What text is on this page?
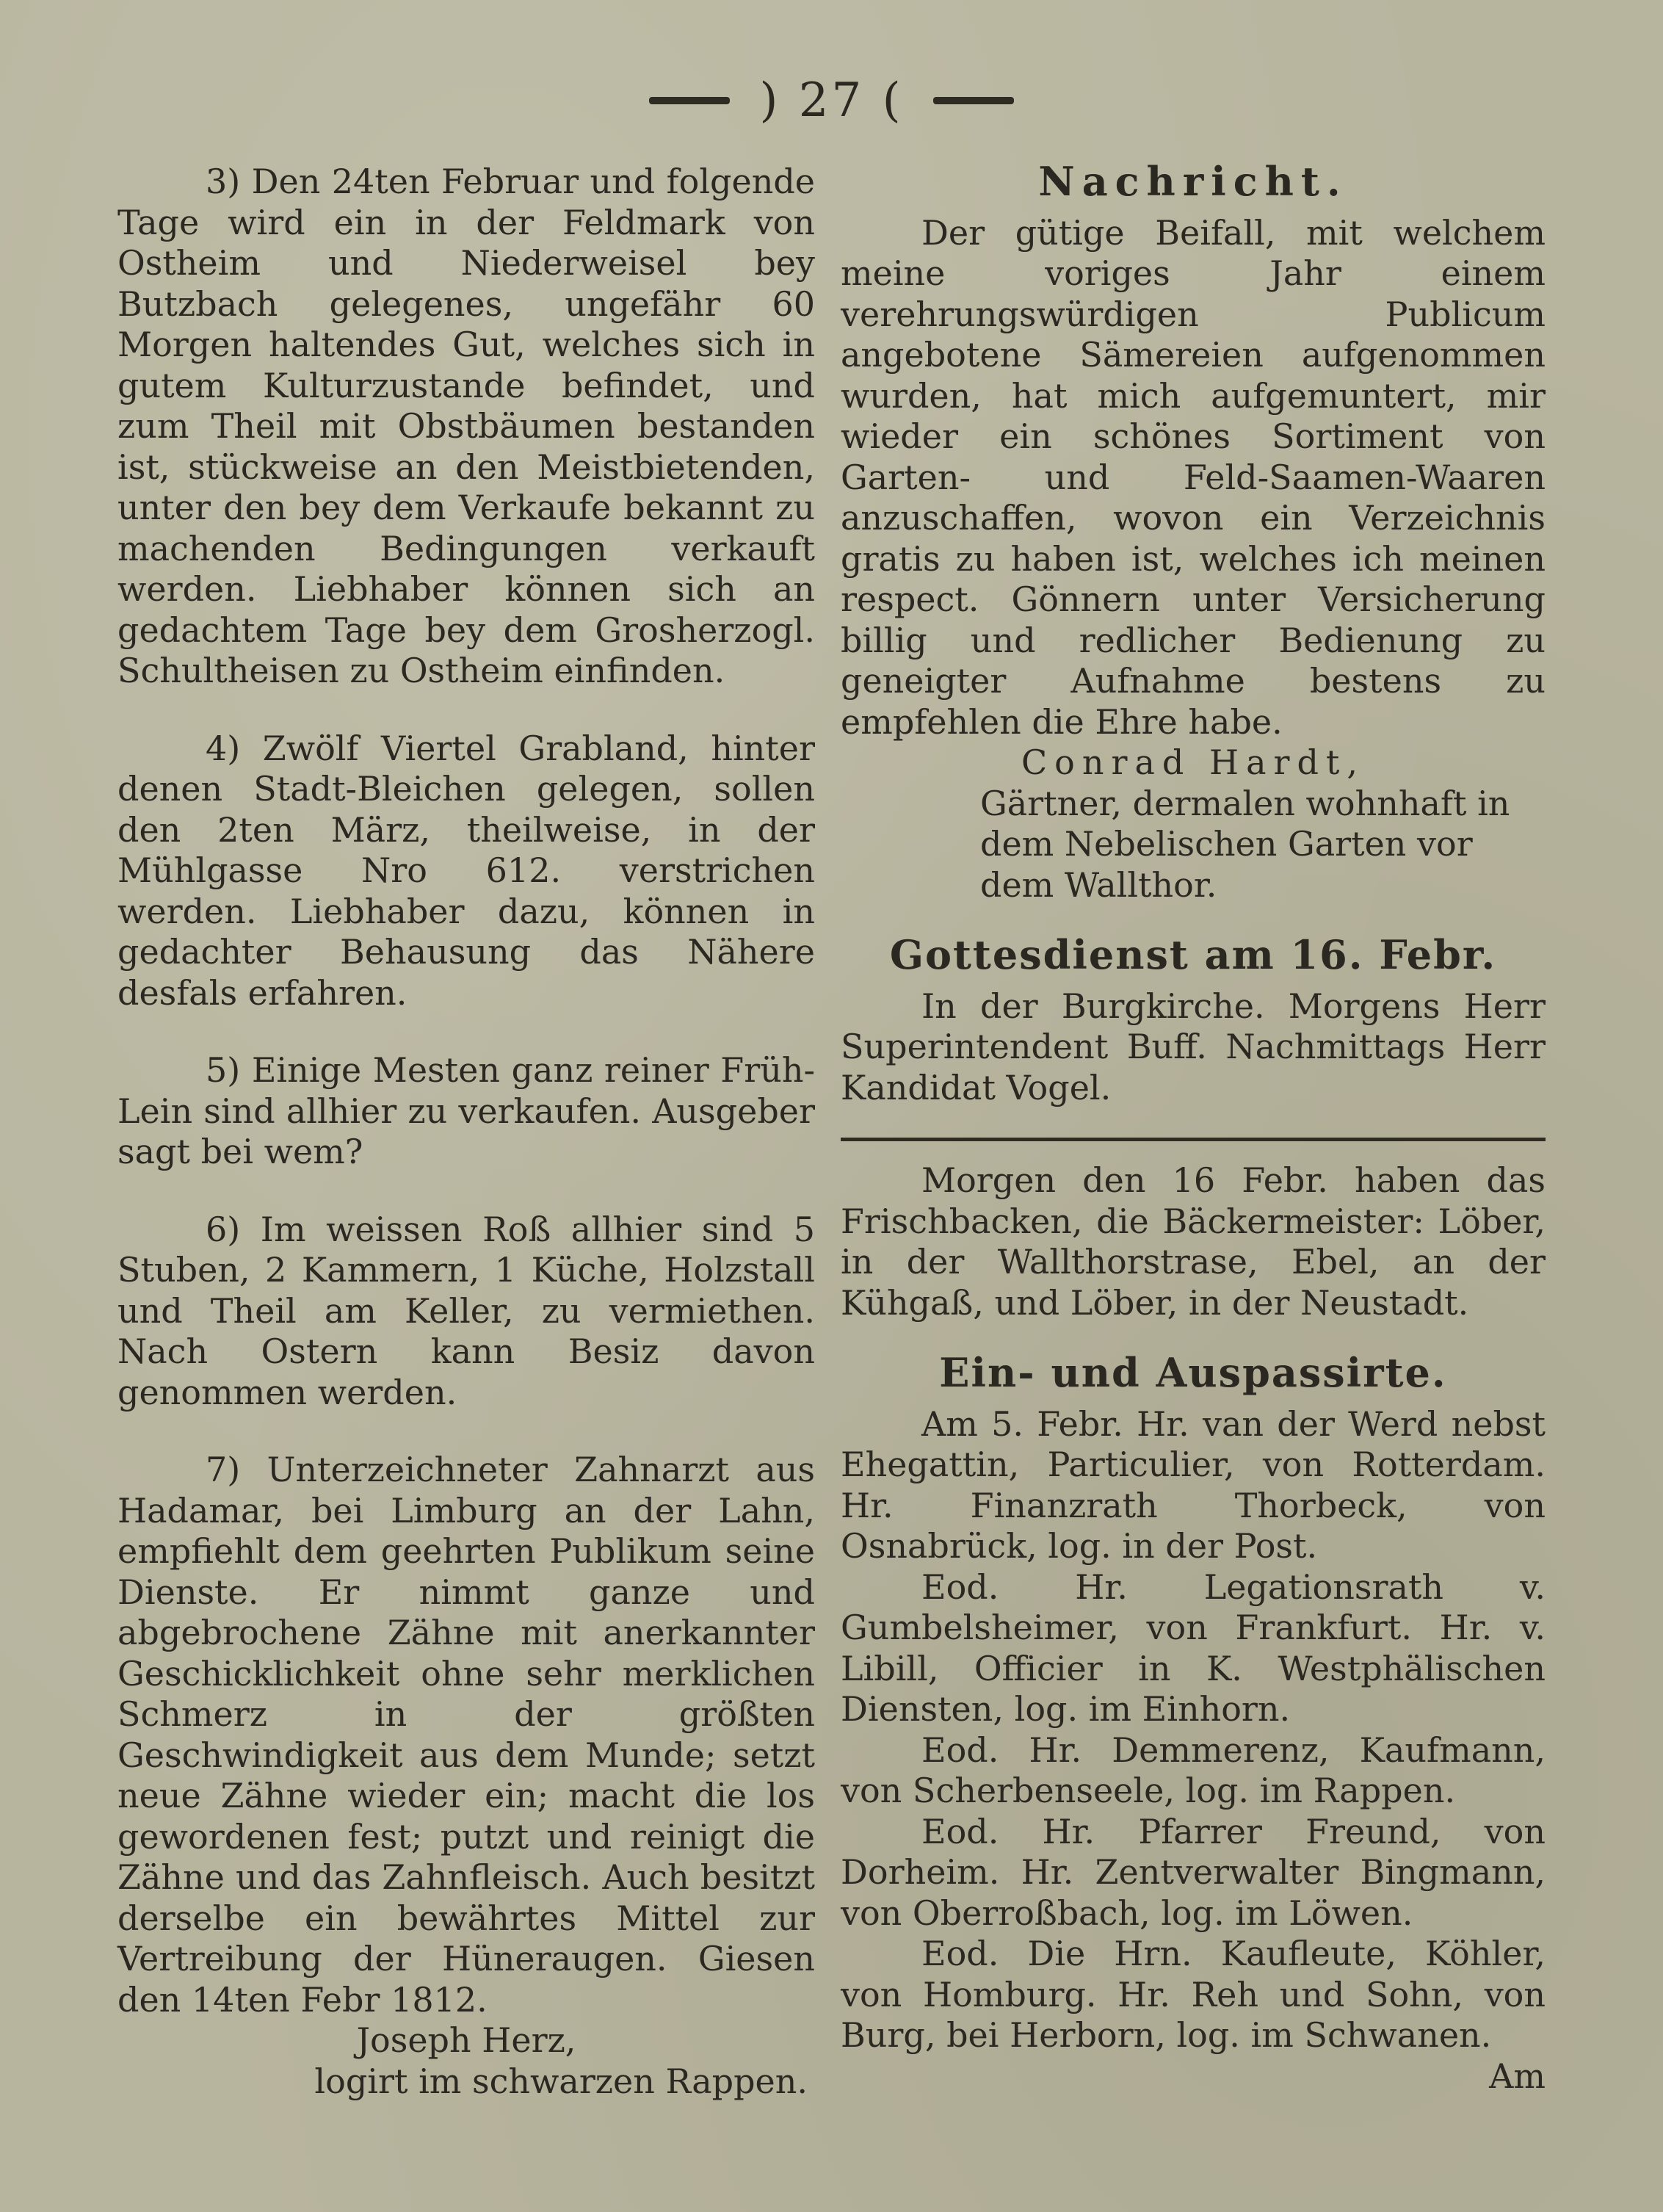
) 27 (

3) Den 24ten Februar und folgende Tage wird ein in der Feldmark von Ostheim und Niederweisel bey Butzbach gelegenes, ungefähr 60 Morgen haltendes Gut, welches sich in gutem Kulturzustande befindet, und zum Theil mit Obstbäumen bestanden ist, stückweise an den Meistbietenden, unter den bey dem Verkaufe bekannt zu machenden Bedingungen verkauft werden. Liebhaber können sich an gedachtem Tage bey dem Grosherzogl. Schultheisen zu Ostheim einfinden.

4) Zwölf Viertel Grabland, hinter denen Stadt-Bleichen gelegen, sollen den 2ten März, theilweise, in der Mühlgasse Nro 612. verstrichen werden. Liebhaber dazu, können in gedachter Behausung das Nähere desfals erfahren.

5) Einige Mesten ganz reiner Früh-Lein sind allhier zu verkaufen. Ausgeber sagt bei wem?

6) Im weissen Roß allhier sind 5 Stuben, 2 Kammern, 1 Küche, Holzstall und Theil am Keller, zu vermiethen. Nach Ostern kann Besiz davon genommen werden.

7) Unterzeichneter Zahnarzt aus Hadamar, bei Limburg an der Lahn, empfiehlt dem geehrten Publikum seine Dienste. Er nimmt ganze und abgebrochene Zähne mit anerkannter Geschicklichkeit ohne sehr merklichen Schmerz in der größten Geschwindigkeit aus dem Munde; setzt neue Zähne wieder ein; macht die los gewordenen fest; putzt und reinigt die Zähne und das Zahnfleisch. Auch besitzt derselbe ein bewährtes Mittel zur Vertreibung der Hüneraugen. Giesen den 14ten Febr 1812.

Joseph Herz,

logirt im schwarzen Rappen.

Nachricht.

Der gütige Beifall, mit welchem meine voriges Jahr einem verehrungswürdigen Publicum angebotene Sämereien aufgenommen wurden, hat mich aufgemuntert, mir wieder ein schönes Sortiment von Garten- und Feld-Saamen-Waaren anzuschaffen, wovon ein Verzeichnis gratis zu haben ist, welches ich meinen respect. Gönnern unter Versicherung billig und redlicher Bedienung zu geneigter Aufnahme bestens zu empfehlen die Ehre habe.

Conrad Hardt,

Gärtner, dermalen wohnhaft in dem Nebelischen Garten vor dem Wallthor.

Gottesdienst am 16. Febr.

In der Burgkirche. Morgens Herr Superintendent Buff. Nachmittags Herr Kandidat Vogel.

Morgen den 16 Febr. haben das Frischbacken, die Bäckermeister: Löber, in der Wallthorstrase, Ebel, an der Kühgaß, und Löber, in der Neustadt.

Ein- und Auspassirte.

Am 5. Febr. Hr. van der Werd nebst Ehegattin, Particulier, von Rotterdam. Hr. Finanzrath Thorbeck, von Osnabrück, log. in der Post.

Eod. Hr. Legationsrath v. Gumbelsheimer, von Frankfurt. Hr. v. Libill, Officier in K. Westphälischen Diensten, log. im Einhorn.

Eod. Hr. Demmerenz, Kaufmann, von Scherbenseele, log. im Rappen.

Eod. Hr. Pfarrer Freund, von Dorheim. Hr. Zentverwalter Bingmann, von Oberroßbach, log. im Löwen.

Eod. Die Hrn. Kaufleute, Köhler, von Homburg. Hr. Reh und Sohn, von Burg, bei Herborn, log. im Schwanen.

Am
